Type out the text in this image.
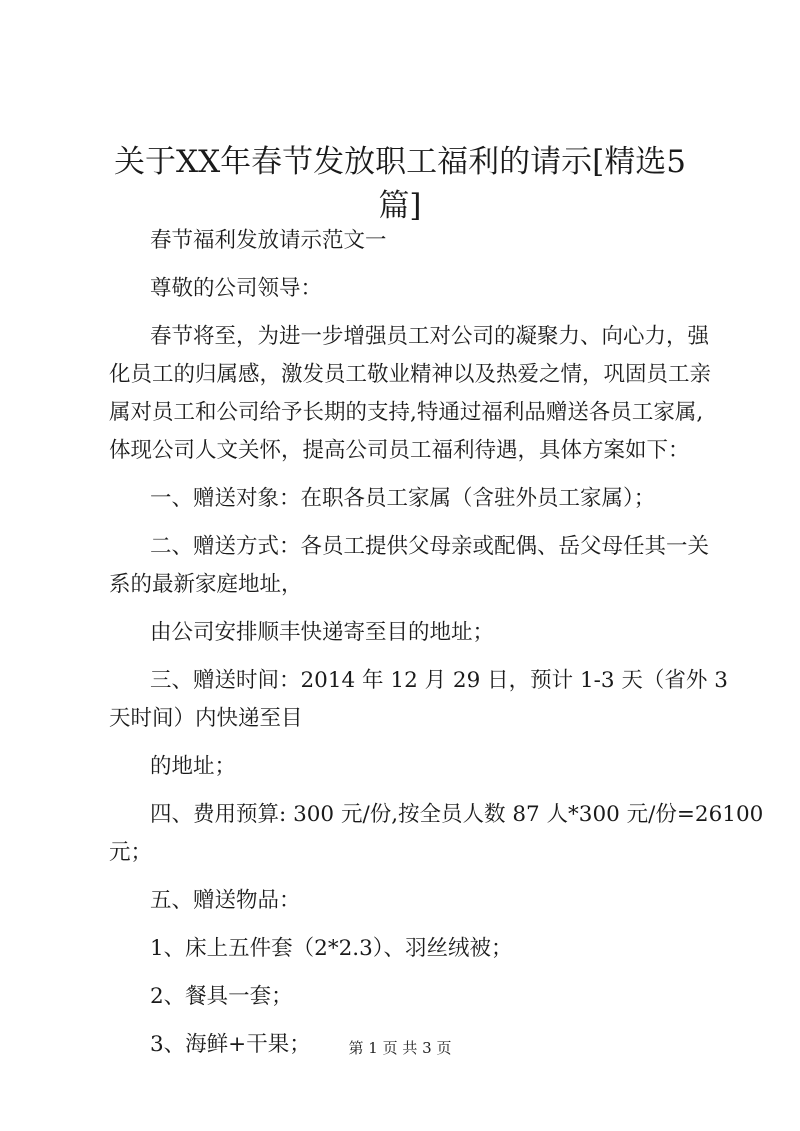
关于XX年春节发放职工福利的请示[精选5篇]
春节福利发放请示范文一
尊敬的公司领导：
春节将至，为进一步增强员工对公司的凝聚力、向心力，强
化员工的归属感，激发员工敬业精神以及热爱之情，巩固员工亲
属对员工和公司给予长期的支持,特通过福利品赠送各员工家属,
体现公司人文关怀，提高公司员工福利待遇，具体方案如下：
一、赠送对象：在职各员工家属（含驻外员工家属）；
二、赠送方式：各员工提供父母亲或配偶、岳父母任其一关
系的最新家庭地址，
由公司安排顺丰快递寄至目的地址；
三、赠送时间：2014 年 12 月 29 日，预计 1-3 天（省外 3
天时间）内快递至目
的地址；
四、费用预算: 300 元/份,按全员人数 87 人*300 元/份=26100
元；
五、赠送物品：
1、床上五件套（2*2.3）、羽丝绒被；
2、餐具一套；
3、海鲜+干果；	第 1 页 共 3 页
